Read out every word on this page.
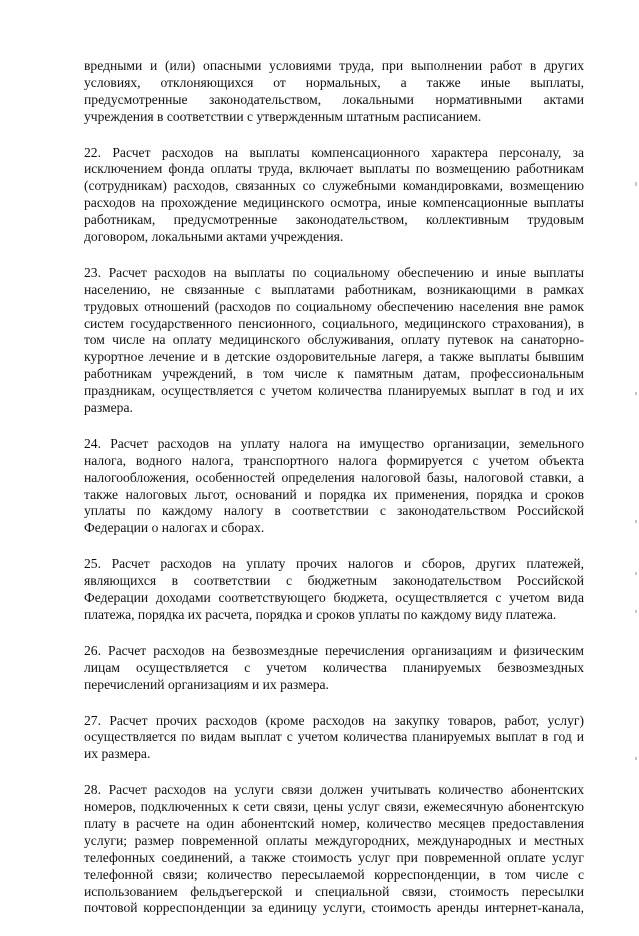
вредными и (или) опасными условиями труда, при выполнении работ в других
условиях, отклоняющихся от нормальных, а также иные выплаты,
предусмотренные законодательством, локальными нормативными актами
учреждения в соответствии с утвержденным штатным расписанием.
22. Расчет расходов на выплаты компенсационного характера персоналу, за
исключением фонда оплаты труда, включает выплаты по возмещению работникам
(сотрудникам) расходов, связанных со служебными командировками, возмещению
расходов на прохождение медицинского осмотра, иные компенсационные выплаты
работникам, предусмотренные законодательством, коллективным трудовым
договором, локальными актами учреждения.
23. Расчет расходов на выплаты по социальному обеспечению и иные выплаты
населению, не связанные с выплатами работникам, возникающими в рамках
трудовых отношений (расходов по социальному обеспечению населения вне рамок
систем государственного пенсионного, социального, медицинского страхования), в
том числе на оплату медицинского обслуживания, оплату путевок на санаторно-
курортное лечение и в детские оздоровительные лагеря, а также выплаты бывшим
работникам учреждений, в том числе к памятным датам, профессиональным
праздникам, осуществляется с учетом количества планируемых выплат в год и их
размера.
24. Расчет расходов на уплату налога на имущество организации, земельного
налога, водного налога, транспортного налога формируется с учетом объекта
налогообложения, особенностей определения налоговой базы, налоговой ставки, а
также налоговых льгот, оснований и порядка их применения, порядка и сроков
уплаты по каждому налогу в соответствии с законодательством Российской
Федерации о налогах и сборах.
25. Расчет расходов на уплату прочих налогов и сборов, других платежей,
являющихся в соответствии с бюджетным законодательством Российской
Федерации доходами соответствующего бюджета, осуществляется с учетом вида
платежа, порядка их расчета, порядка и сроков уплаты по каждому виду платежа.
26. Расчет расходов на безвозмездные перечисления организациям и физическим
лицам осуществляется с учетом количества планируемых безвозмездных
перечислений организациям и их размера.
27. Расчет прочих расходов (кроме расходов на закупку товаров, работ, услуг)
осуществляется по видам выплат с учетом количества планируемых выплат в год и
их размера.
28. Расчет расходов на услуги связи должен учитывать количество абонентских
номеров, подключенных к сети связи, цены услуг связи, ежемесячную абонентскую
плату в расчете на один абонентский номер, количество месяцев предоставления
услуги; размер повременной оплаты междугородних, международных и местных
телефонных соединений, а также стоимость услуг при повременной оплате услуг
телефонной связи; количество пересылаемой корреспонденции, в том числе с
использованием фельдъегерской и специальной связи, стоимость пересылки
почтовой корреспонденции за единицу услуги, стоимость аренды интернет-канала,
